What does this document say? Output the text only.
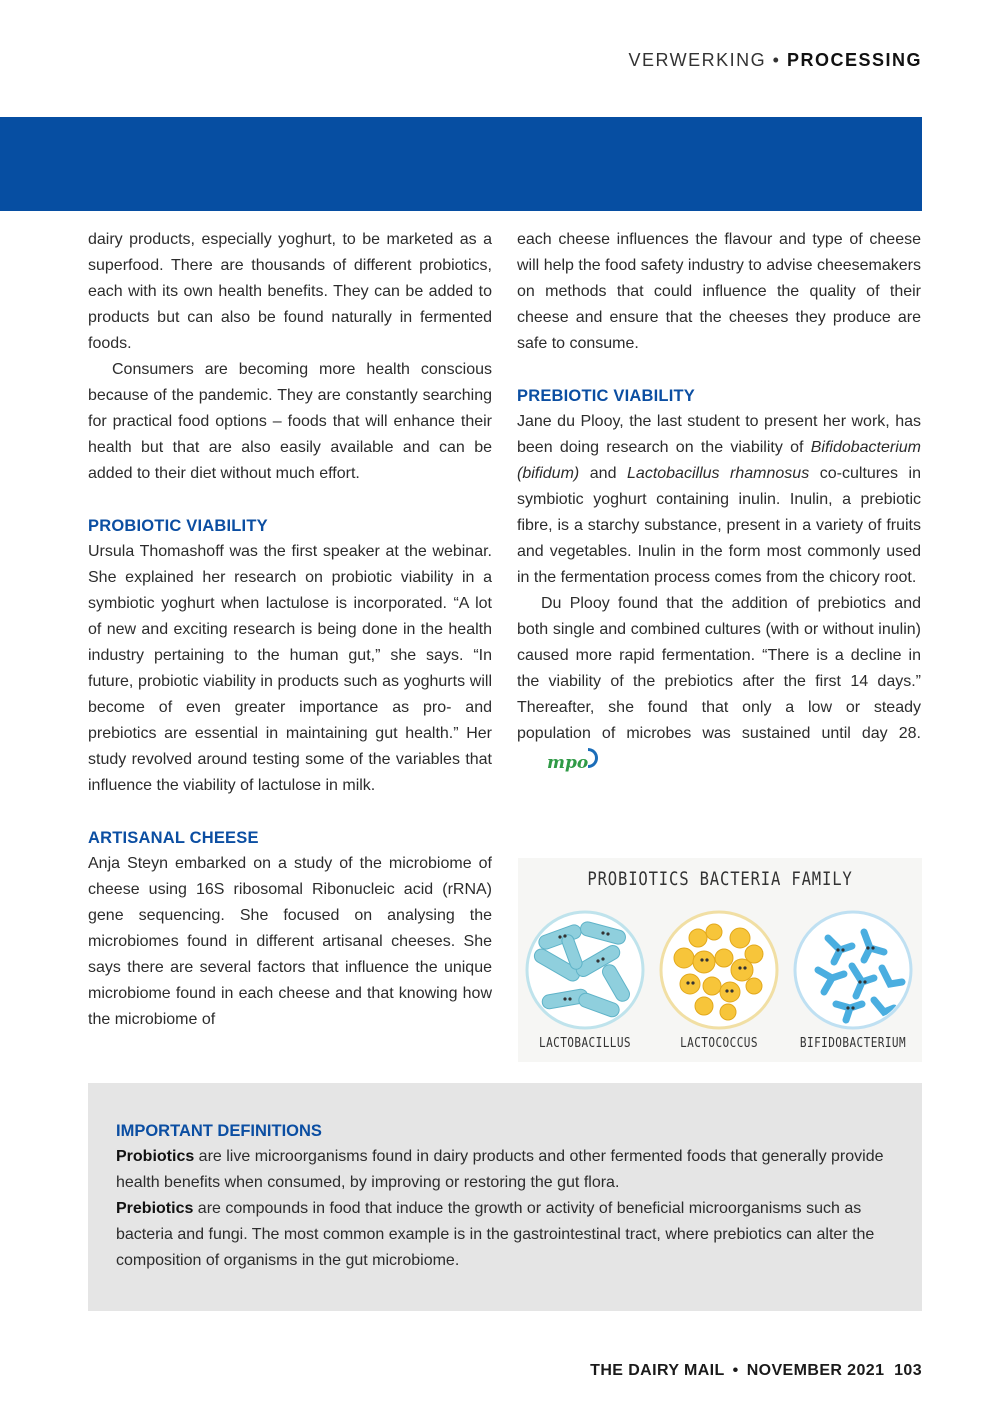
VERWERKING • PROCESSING

dairy products, especially yoghurt, to be marketed as a superfood. There are thousands of different probiotics, each with its own health benefits. They can be added to products but can also be found naturally in fermented foods.

Consumers are becoming more health conscious because of the pandemic. They are constantly searching for practical food options – foods that will enhance their health but that are also easily available and can be added to their diet without much effort.

PROBIOTIC VIABILITY

Ursula Thomashoff was the first speaker at the webinar. She explained her research on probiotic viability in a symbiotic yoghurt when lactulose is incorporated. “A lot of new and exciting research is being done in the health industry pertaining to the human gut,” she says. “In future, probiotic viability in products such as yoghurts will become of even greater importance as pro- and prebiotics are essential in maintaining gut health.” Her study revolved around testing some of the variables that influence the viability of lactulose in milk.

ARTISANAL CHEESE

Anja Steyn embarked on a study of the microbiome of cheese using 16S ribosomal Ribonucleic acid (rRNA) gene sequencing. She focused on analysing the microbiomes found in different artisanal cheeses. She says there are several factors that influence the unique microbiome found in each cheese and that knowing how the microbiome of

each cheese influences the flavour and type of cheese will help the food safety industry to advise cheesemakers on methods that could influence the quality of their cheese and ensure that the cheeses they produce are safe to consume.

PREBIOTIC VIABILITY

Jane du Plooy, the last student to present her work, has been doing research on the viability of Bifidobacterium (bifidum) and Lactobacillus rhamnosus co-cultures in symbiotic yoghurt containing inulin. Inulin, a prebiotic fibre, is a starchy substance, present in a variety of fruits and vegetables. Inulin in the form most commonly used in the fermentation process comes from the chicory root.

Du Plooy found that the addition of prebiotics and both single and combined cultures (with or without inulin) caused more rapid fermentation. “There is a decline in the viability of the prebiotics after the first 14 days.” Thereafter, she found that only a low or steady population of microbes was sustained until day 28.mpo

PROBIOTICS BACTERIA FAMILY
LACTOBACILLUS	LACTOCOCCUS	BIFIDOBACTERIUM
IMPORTANT DEFINITIONS

Probiotics are live microorganisms found in dairy products and other fermented foods that generally provide health benefits when consumed, by improving or restoring the gut flora.

Prebiotics are compounds in food that induce the growth or activity of beneficial microorganisms such as bacteria and fungi. The most common example is in the gastrointestinal tract, where prebiotics can alter the composition of organisms in the gut microbiome.

THE DAIRY MAIL • NOVEMBER 2021 103
